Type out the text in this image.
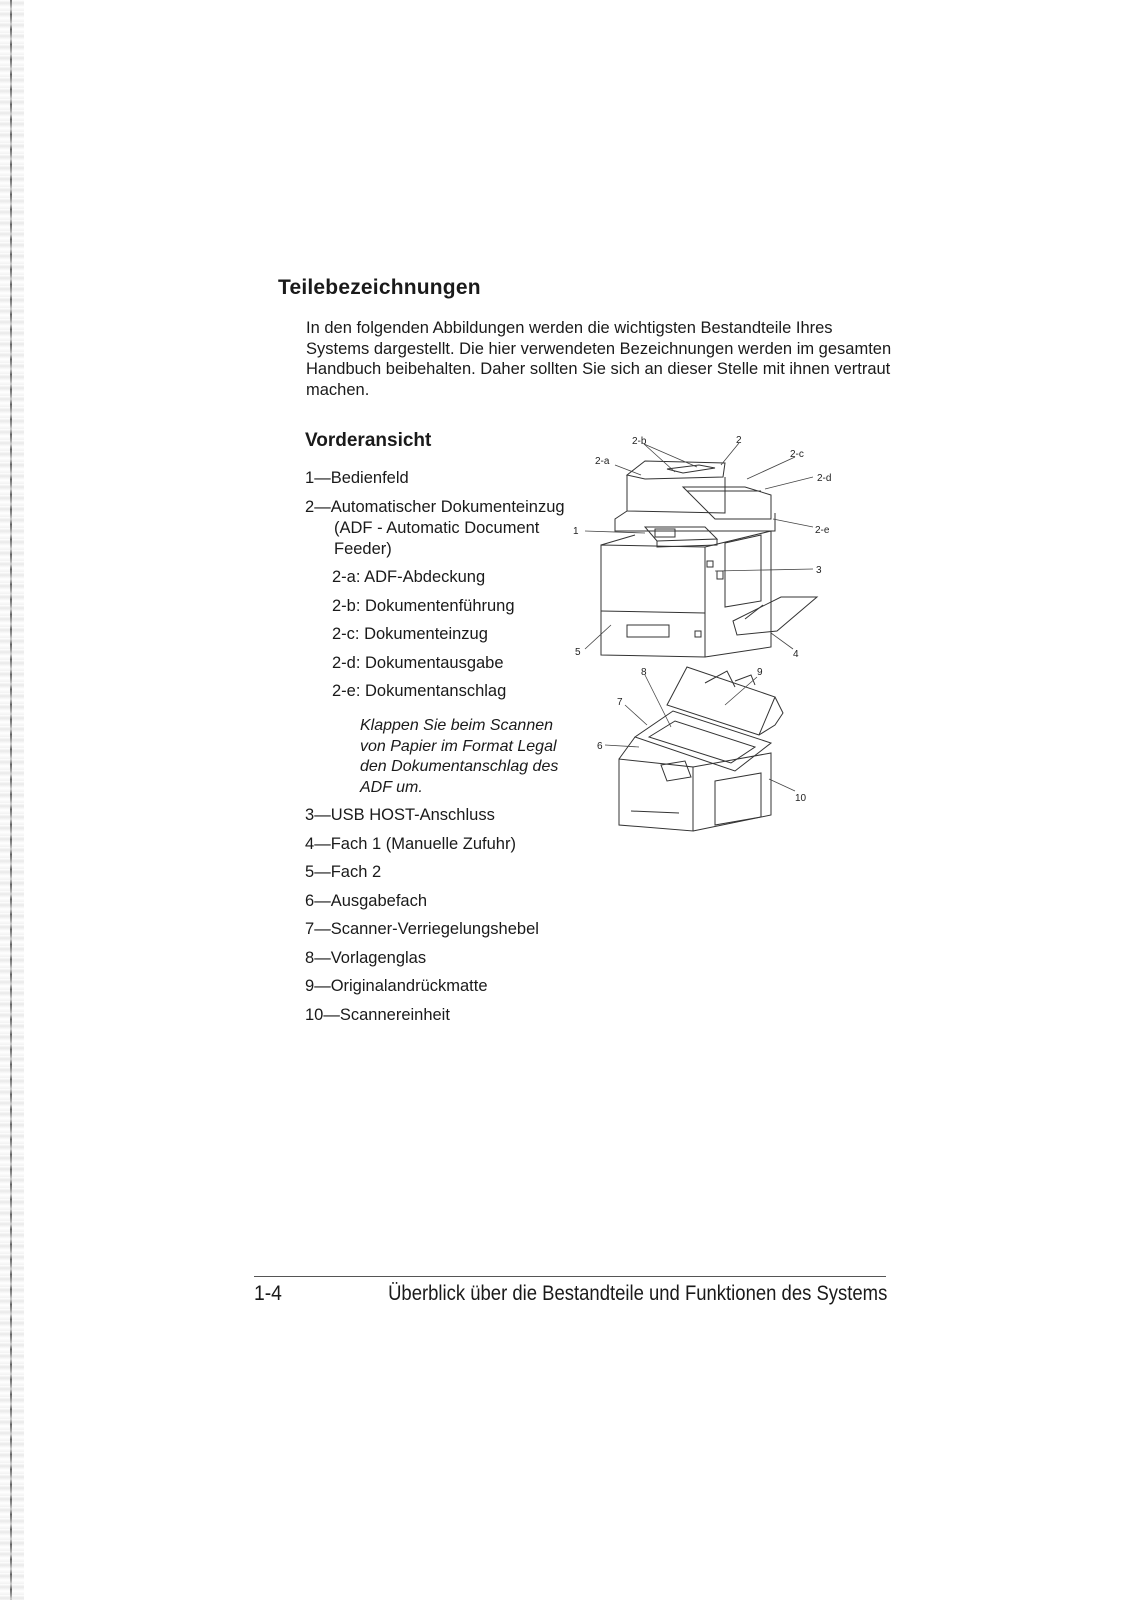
Teilebezeichnungen

In den folgenden Abbildungen werden die wichtigsten Bestandteile Ihres Systems dargestellt. Die hier verwendeten Bezeichnungen werden im gesamten Handbuch beibehalten. Daher sollten Sie sich an dieser Stelle mit ihnen vertraut machen.

Vorderansicht
1—Bedienfeld
2—Automatischer Dokumenteinzug (ADF - Automatic Document Feeder)
2-a: ADF-Abdeckung
2-b: Dokumentenführung
2-c: Dokumenteinzug
2-d: Dokumentausgabe
2-e: Dokumentanschlag
Klappen Sie beim Scannen von Papier im Format Legal den Dokumentanschlag des ADF um.
3—USB HOST-Anschluss
4—Fach 1 (Manuelle Zufuhr)
5—Fach 2
6—Ausgabefach
7—Scanner-Verriegelungshebel
8—Vorlagenglas
9—Originalandrückmatte
10—Scannereinheit
2-b	2
2-a
2-c
2-d
1	2-e
3
5	4
8	9
7
6
10

1-4	Überblick über die Bestandteile und Funktionen des Systems
